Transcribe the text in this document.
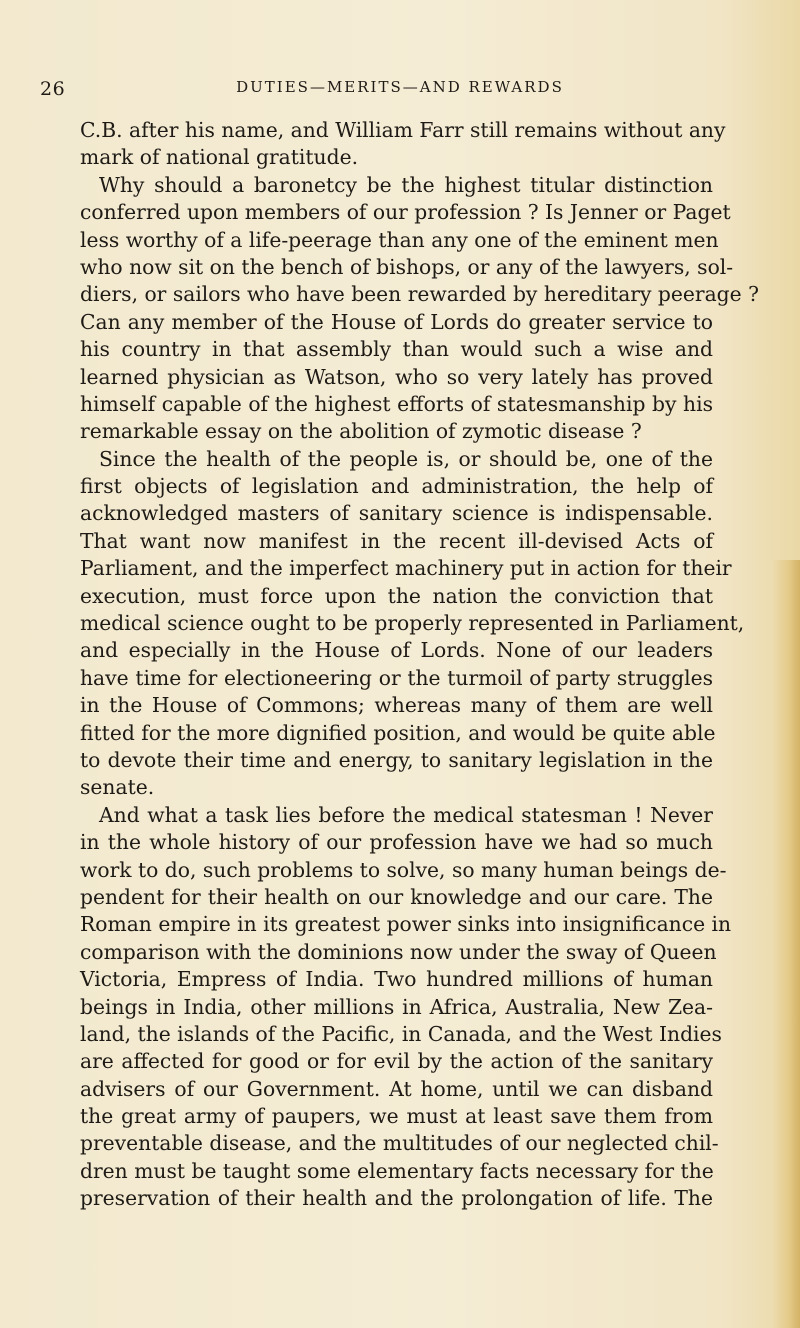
26	DUTIES—MERITS—AND REWARDS
C.B. after his name, and William Farr still remains without any
mark of national gratitude.
Why should a baronetcy be the highest titular distinction
conferred upon members of our profession ? Is Jenner or Paget
less worthy of a life-peerage than any one of the eminent men
who now sit on the bench of bishops, or any of the lawyers, sol-
diers, or sailors who have been rewarded by hereditary peerage ?
Can any member of the House of Lords do greater service to
his country in that assembly than would such a wise and
learned physician as Watson, who so very lately has proved
himself capable of the highest efforts of statesmanship by his
remarkable essay on the abolition of zymotic disease ?
Since the health of the people is, or should be, one of the
first objects of legislation and administration, the help of
acknowledged masters of sanitary science is indispensable.
That want now manifest in the recent ill-devised Acts of
Parliament, and the imperfect machinery put in action for their
execution, must force upon the nation the conviction that
medical science ought to be properly represented in Parliament,
and especially in the House of Lords. None of our leaders
have time for electioneering or the turmoil of party struggles
in the House of Commons; whereas many of them are well
fitted for the more dignified position, and would be quite able
to devote their time and energy, to sanitary legislation in the
senate.
And what a task lies before the medical statesman ! Never
in the whole history of our profession have we had so much
work to do, such problems to solve, so many human beings de-
pendent for their health on our knowledge and our care. The
Roman empire in its greatest power sinks into insignificance in
comparison with the dominions now under the sway of Queen
Victoria, Empress of India. Two hundred millions of human
beings in India, other millions in Africa, Australia, New Zea-
land, the islands of the Pacific, in Canada, and the West Indies
are affected for good or for evil by the action of the sanitary
advisers of our Government. At home, until we can disband
the great army of paupers, we must at least save them from
preventable disease, and the multitudes of our neglected chil-
dren must be taught some elementary facts necessary for the
preservation of their health and the prolongation of life. The
